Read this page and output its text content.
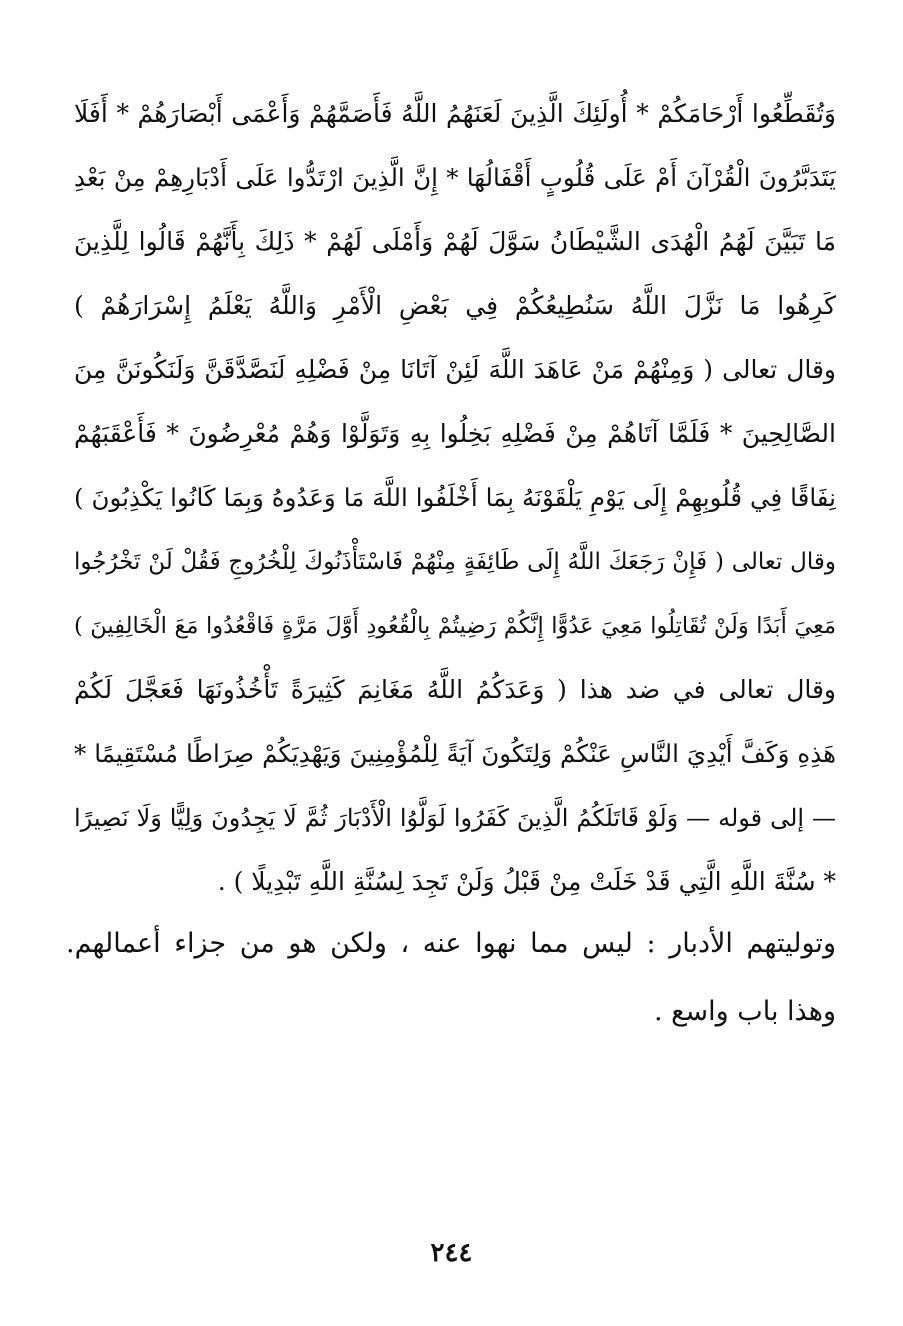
وَتُقَطِّعُوا أَرْحَامَكُمْ * أُولَئِكَ الَّذِينَ لَعَنَهُمُ اللَّهُ فَأَصَمَّهُمْ وَأَعْمَى أَبْصَارَهُمْ * أَفَلَا
يَتَدَبَّرُونَ الْقُرْآنَ أَمْ عَلَى قُلُوبٍ أَقْفَالُهَا * إِنَّ الَّذِينَ ارْتَدُّوا عَلَى أَدْبَارِهِمْ مِنْ بَعْدِ
مَا تَبَيَّنَ لَهُمُ الْهُدَى الشَّيْطَانُ سَوَّلَ لَهُمْ وَأَمْلَى لَهُمْ * ذَلِكَ بِأَنَّهُمْ قَالُوا لِلَّذِينَ
كَرِهُوا مَا نَزَّلَ اللَّهُ سَنُطِيعُكُمْ فِي بَعْضِ الْأَمْرِ وَاللَّهُ يَعْلَمُ إِسْرَارَهُمْ )
وقال تعالى ( وَمِنْهُمْ مَنْ عَاهَدَ اللَّهَ لَئِنْ آتَانَا مِنْ فَضْلِهِ لَنَصَّدَّقَنَّ وَلَنَكُونَنَّ مِنَ
الصَّالِحِينَ * فَلَمَّا آتَاهُمْ مِنْ فَضْلِهِ بَخِلُوا بِهِ وَتَوَلَّوْا وَهُمْ مُعْرِضُونَ * فَأَعْقَبَهُمْ
نِفَاقًا فِي قُلُوبِهِمْ إِلَى يَوْمِ يَلْقَوْنَهُ بِمَا أَخْلَفُوا اللَّهَ مَا وَعَدُوهُ وَبِمَا كَانُوا يَكْذِبُونَ )
وقال تعالى ( فَإِنْ رَجَعَكَ اللَّهُ إِلَى طَائِفَةٍ مِنْهُمْ فَاسْتَأْذَنُوكَ لِلْخُرُوجِ فَقُلْ لَنْ تَخْرُجُوا
مَعِيَ أَبَدًا وَلَنْ تُقَاتِلُوا مَعِيَ عَدُوًّا إِنَّكُمْ رَضِيتُمْ بِالْقُعُودِ أَوَّلَ مَرَّةٍ فَاقْعُدُوا مَعَ الْخَالِفِينَ )
وقال تعالى في ضد هذا ( وَعَدَكُمُ اللَّهُ مَغَانِمَ كَثِيرَةً تَأْخُذُونَهَا فَعَجَّلَ لَكُمْ
هَذِهِ وَكَفَّ أَيْدِيَ النَّاسِ عَنْكُمْ وَلِتَكُونَ آيَةً لِلْمُؤْمِنِينَ وَيَهْدِيَكُمْ صِرَاطًا مُسْتَقِيمًا *
— إلى قوله — وَلَوْ قَاتَلَكُمُ الَّذِينَ كَفَرُوا لَوَلَّوُا الْأَدْبَارَ ثُمَّ لَا يَجِدُونَ وَلِيًّا وَلَا نَصِيرًا
* سُنَّةَ اللَّهِ الَّتِي قَدْ خَلَتْ مِنْ قَبْلُ وَلَنْ تَجِدَ لِسُنَّةِ اللَّهِ تَبْدِيلًا ) .
وتوليتهم الأدبار : ليس مما نهوا عنه ، ولكن هو من جزاء أعمالهم.
وهذا باب واسع .
٢٤٤
